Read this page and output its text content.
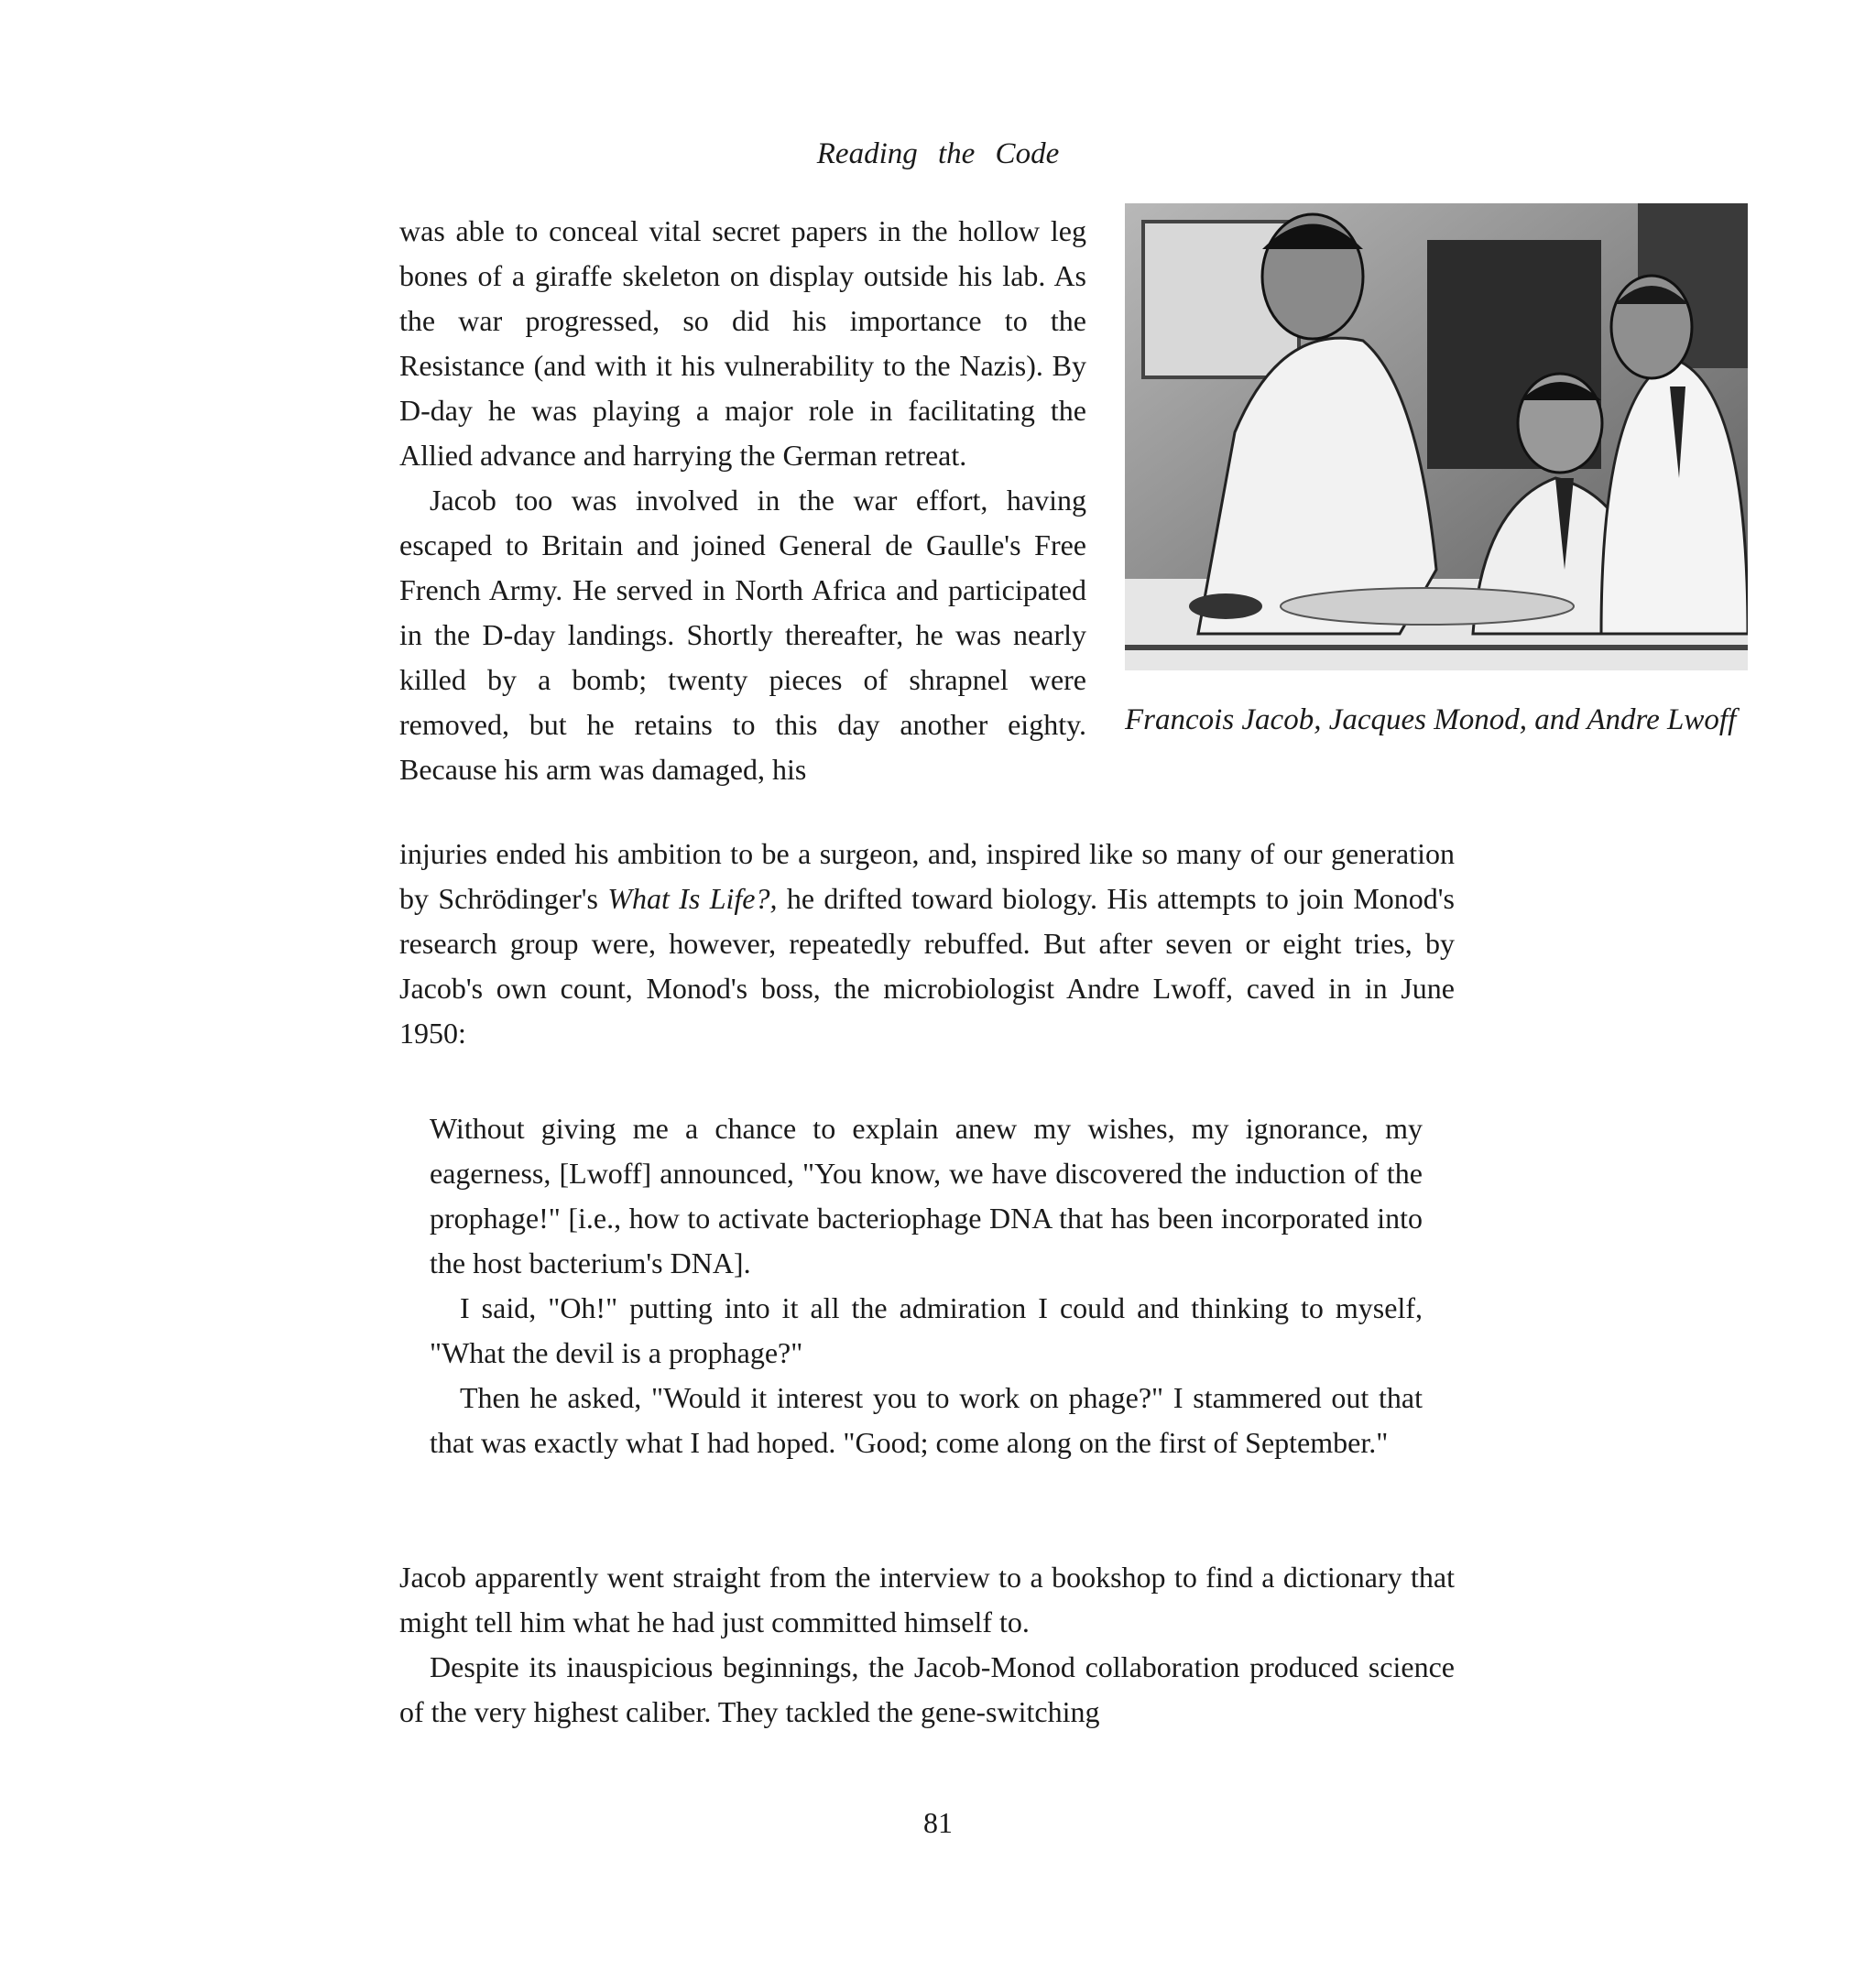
Reading the Code
Francois Jacob, Jacques Monod, and Andre Lwoff

was able to conceal vital secret papers in the hollow leg bones of a giraffe skeleton on display outside his lab. As the war progressed, so did his importance to the Resistance (and with it his vulnerability to the Nazis). By D-day he was playing a major role in facilitating the Allied advance and harrying the German retreat.

Jacob too was involved in the war effort, having escaped to Britain and joined General de Gaulle's Free French Army. He served in North Africa and participated in the D-day landings. Shortly thereafter, he was nearly killed by a bomb; twenty pieces of shrapnel were removed, but he retains to this day another eighty. Because his arm was damaged, his

injuries ended his ambition to be a surgeon, and, inspired like so many of our generation by Schrödinger's What Is Life?, he drifted toward biology. His attempts to join Monod's research group were, however, repeatedly rebuffed. But after seven or eight tries, by Jacob's own count, Monod's boss, the microbiologist Andre Lwoff, caved in in June 1950:

Without giving me a chance to explain anew my wishes, my ignorance, my eagerness, [Lwoff] announced, "You know, we have discovered the induction of the prophage!" [i.e., how to activate bacteriophage DNA that has been incorporated into the host bacterium's DNA].

I said, "Oh!" putting into it all the admiration I could and thinking to myself, "What the devil is a prophage?"

Then he asked, "Would it interest you to work on phage?" I stammered out that that was exactly what I had hoped. "Good; come along on the first of September."

Jacob apparently went straight from the interview to a bookshop to find a dictionary that might tell him what he had just committed himself to.

Despite its inauspicious beginnings, the Jacob-Monod collaboration produced science of the very highest caliber. They tackled the gene-switching

81
